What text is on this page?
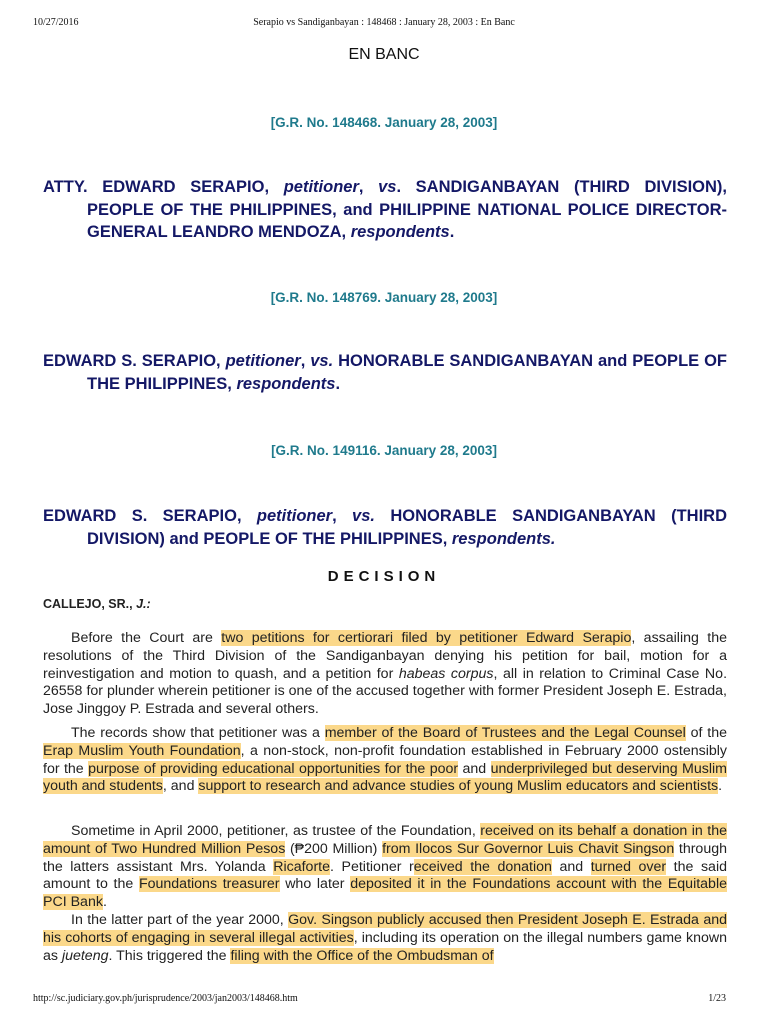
10/27/2016	Serapio vs Sandiganbayan : 148468 : January 28, 2003 : En Banc
EN BANC
[G.R. No. 148468. January 28, 2003]
ATTY. EDWARD SERAPIO, petitioner, vs. SANDIGANBAYAN (THIRD DIVISION), PEOPLE OF THE PHILIPPINES, and PHILIPPINE NATIONAL POLICE DIRECTOR-GENERAL LEANDRO MENDOZA, respondents.
[G.R. No. 148769. January 28, 2003]
EDWARD S. SERAPIO, petitioner, vs. HONORABLE SANDIGANBAYAN and PEOPLE OF THE PHILIPPINES, respondents.
[G.R. No. 149116. January 28, 2003]
EDWARD S. SERAPIO, petitioner, vs. HONORABLE SANDIGANBAYAN (THIRD DIVISION) and PEOPLE OF THE PHILIPPINES, respondents.
DECISION
CALLEJO, SR., J.:
Before the Court are two petitions for certiorari filed by petitioner Edward Serapio, assailing the resolutions of the Third Division of the Sandiganbayan denying his petition for bail, motion for a reinvestigation and motion to quash, and a petition for habeas corpus, all in relation to Criminal Case No. 26558 for plunder wherein petitioner is one of the accused together with former President Joseph E. Estrada, Jose Jinggoy P. Estrada and several others.
The records show that petitioner was a member of the Board of Trustees and the Legal Counsel of the Erap Muslim Youth Foundation, a non-stock, non-profit foundation established in February 2000 ostensibly for the purpose of providing educational opportunities for the poor and underprivileged but deserving Muslim youth and students, and support to research and advance studies of young Muslim educators and scientists.
Sometime in April 2000, petitioner, as trustee of the Foundation, received on its behalf a donation in the amount of Two Hundred Million Pesos (₱200 Million) from Ilocos Sur Governor Luis Chavit Singson through the latters assistant Mrs. Yolanda Ricaforte. Petitioner received the donation and turned over the said amount to the Foundations treasurer who later deposited it in the Foundations account with the Equitable PCI Bank.
In the latter part of the year 2000, Gov. Singson publicly accused then President Joseph E. Estrada and his cohorts of engaging in several illegal activities, including its operation on the illegal numbers game known as jueteng. This triggered the filing with the Office of the Ombudsman of
http://sc.judiciary.gov.ph/jurisprudence/2003/jan2003/148468.htm	1/23
